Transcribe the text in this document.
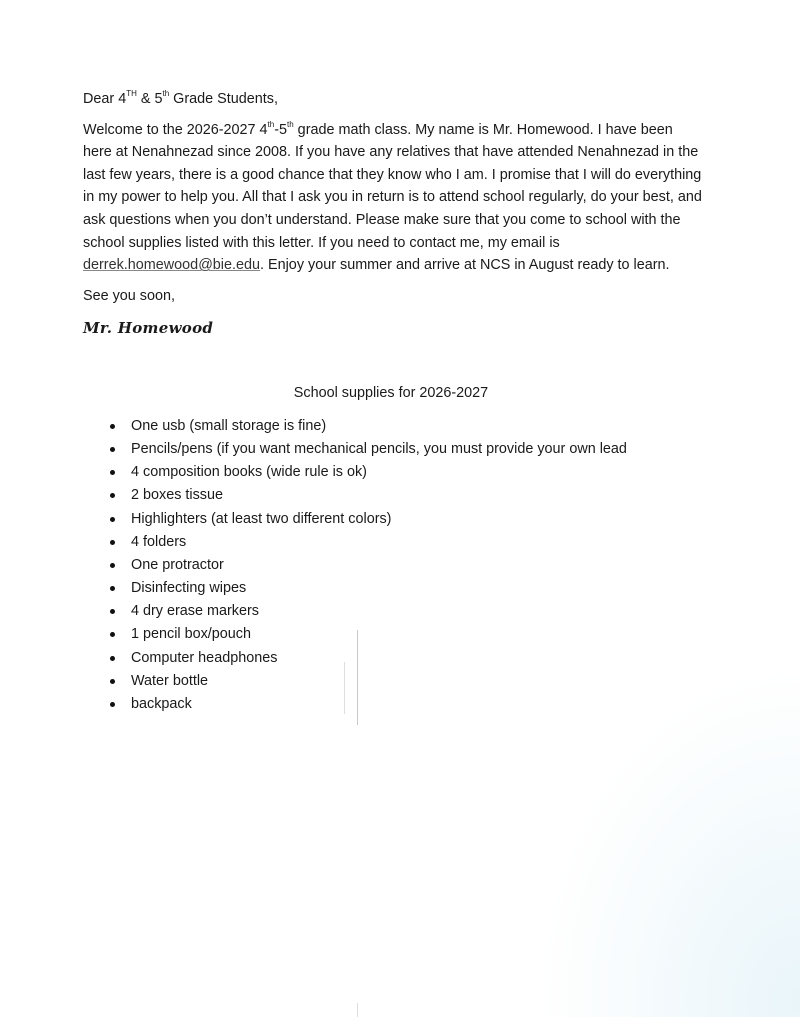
Dear 4TH & 5th Grade Students,

Welcome to the 2026-2027 4th-5th grade math class. My name is Mr. Homewood. I have been here at Nenahnezad since 2008. If you have any relatives that have attended Nenahnezad in the last few years, there is a good chance that they know who I am. I promise that I will do everything in my power to help you. All that I ask you in return is to attend school regularly, do your best, and ask questions when you don’t understand. Please make sure that you come to school with the school supplies listed with this letter. If you need to contact me, my email is derrek.homewood@bie.edu. Enjoy your summer and arrive at NCS in August ready to learn.

See you soon,

Mr. Homewood

School supplies for 2026-2027
One usb (small storage is fine)
Pencils/pens (if you want mechanical pencils, you must provide your own lead
4 composition books (wide rule is ok)
2 boxes tissue
Highlighters (at least two different colors)
4 folders
One protractor
Disinfecting wipes
4 dry erase markers
1 pencil box/pouch
Computer headphones
Water bottle
backpack
